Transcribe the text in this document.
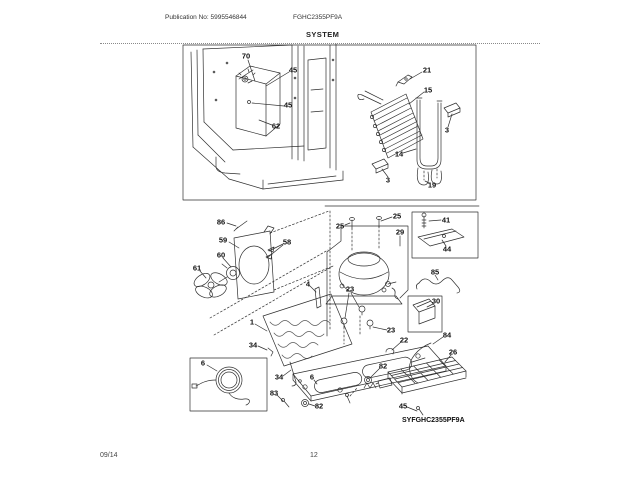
Publication No: 5995546844	FGHC2355PF9A
SYSTEM
70
45
45
62
21
15
3
14
3
19
86
59	58
60
61
25
25
29
41
44
85
30
23
4
1
34
34
6
23
6
22
84
26
82
83
82	45
SYFGHC2355PF9A
09/14	12
